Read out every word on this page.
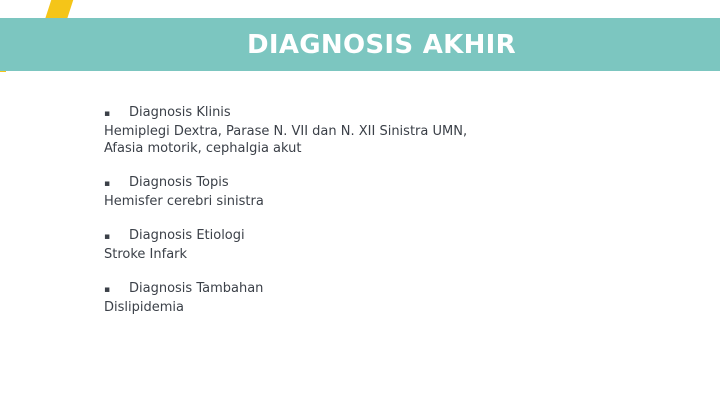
DIAGNOSIS AKHIR
▪	Diagnosis Klinis
Hemiplegi Dextra, Parase N. VII dan N. XII Sinistra UMN,
Afasia motorik, cephalgia akut
▪	Diagnosis Topis
Hemisfer cerebri sinistra
▪	Diagnosis Etiologi
Stroke Infark
▪	Diagnosis Tambahan
Dislipidemia
